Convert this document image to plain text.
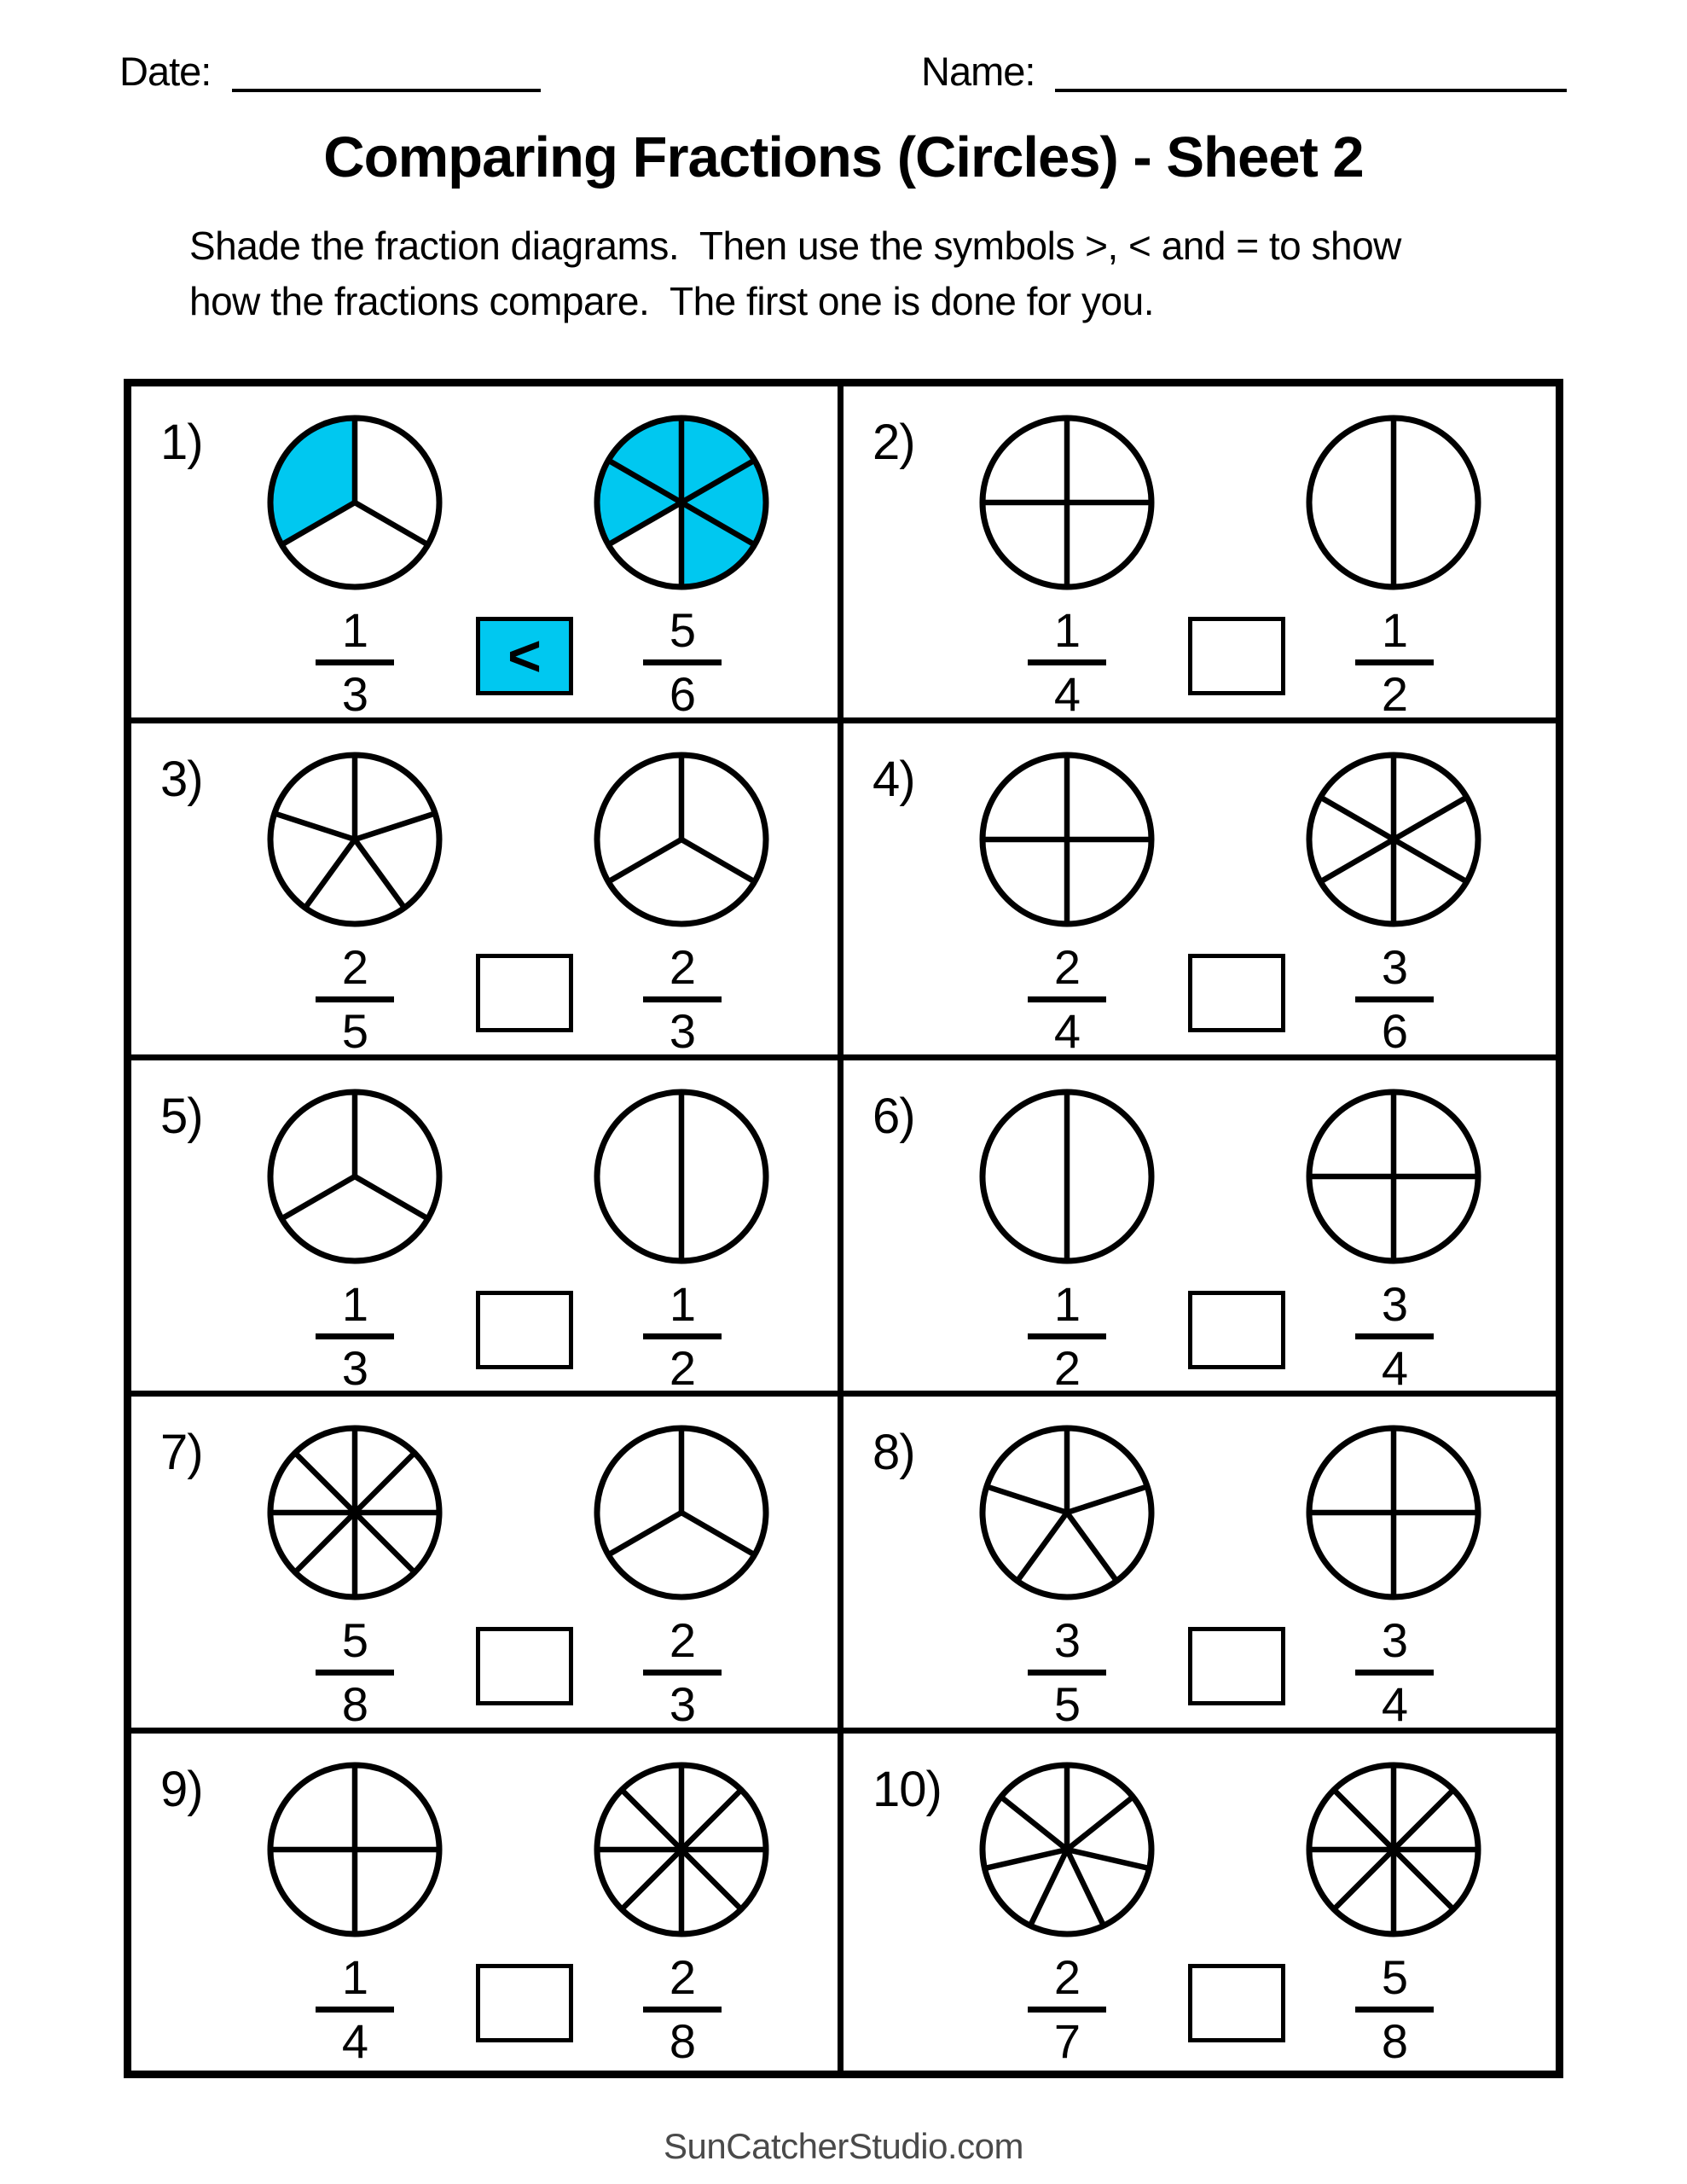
Date:	Name:
Comparing Fractions (Circles) - Sheet 2
Shade the fraction diagrams.  Then use the symbols >, < and = to show
how the fractions compare.  The first one is done for you.
1)
1
3
<	5
6
2)
1
4
1
2
3)
2
5
2
3
4)
2
4
3
6
5)
1
3
1
2
6)
1
2
3
4
7)
5
8
2
3
8)
3
5
3
4
9)
1
4
2
8
10)
2
7
5
8
SunCatcherStudio.com
